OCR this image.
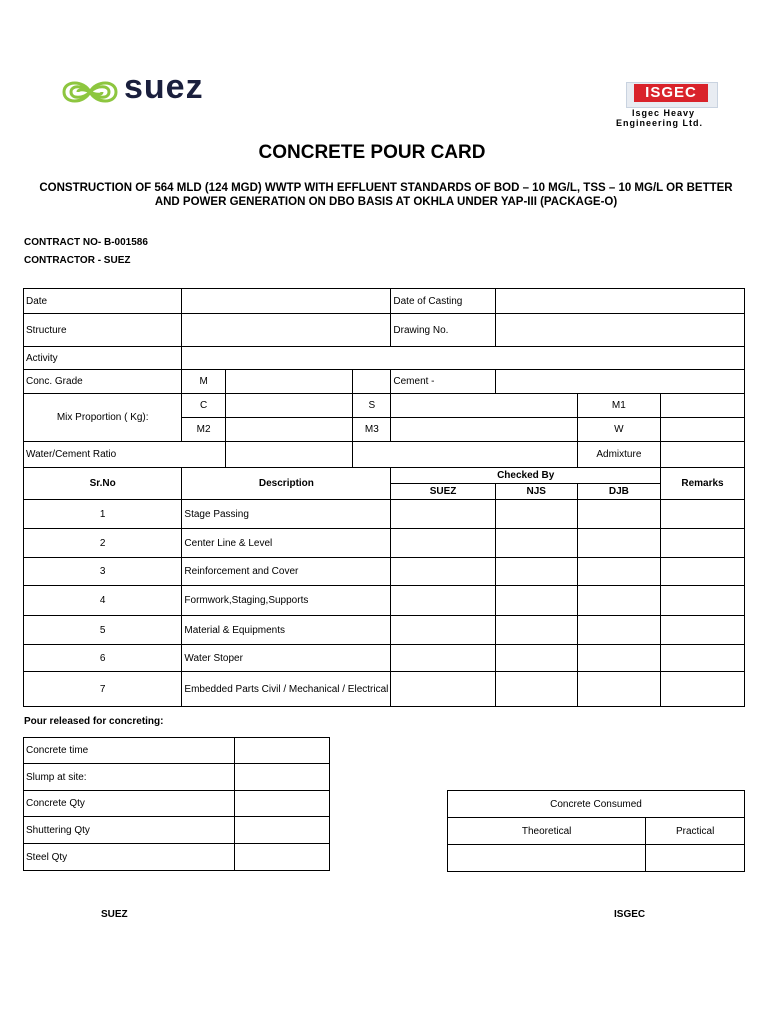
suez	ISGEC
Isgec Heavy
Engineering Ltd.
CONCRETE POUR CARD
CONSTRUCTION OF 564 MLD (124 MGD) WWTP WITH EFFLUENT STANDARDS OF BOD – 10 MG/L, TSS – 10 MG/L OR BETTER
AND POWER GENERATION ON DBO BASIS AT OKHLA UNDER YAP-III (PACKAGE-O)
CONTRACT NO- B-001586
CONTRACTOR - SUEZ
Date				Date of Casting			
Structure				Drawing No.			
Activity							
Conc. Grade	M			Cement -			
Mix Proportion ( Kg):	C		S			M1	
	M2		M3			W	
Water/Cement Ratio						Admixture	
Sr.No	Description			Checked By			Remarks
				SUEZ	NJS	DJB	
1	Stage Passing						
2	Center Line & Level						
3	Reinforcement and Cover						
4	Formwork,Staging,Supports						
5	Material & Equipments						
6	Water Stoper						
7	Embedded Parts Civil / Mechanical / Electrical						
Pour released for concreting:
Concrete time	
Slump at site:	
Concrete Qty	
Shuttering Qty	
Steel Qty	
Concrete Consumed	
Theoretical	Practical

SUEZ	ISGEC
